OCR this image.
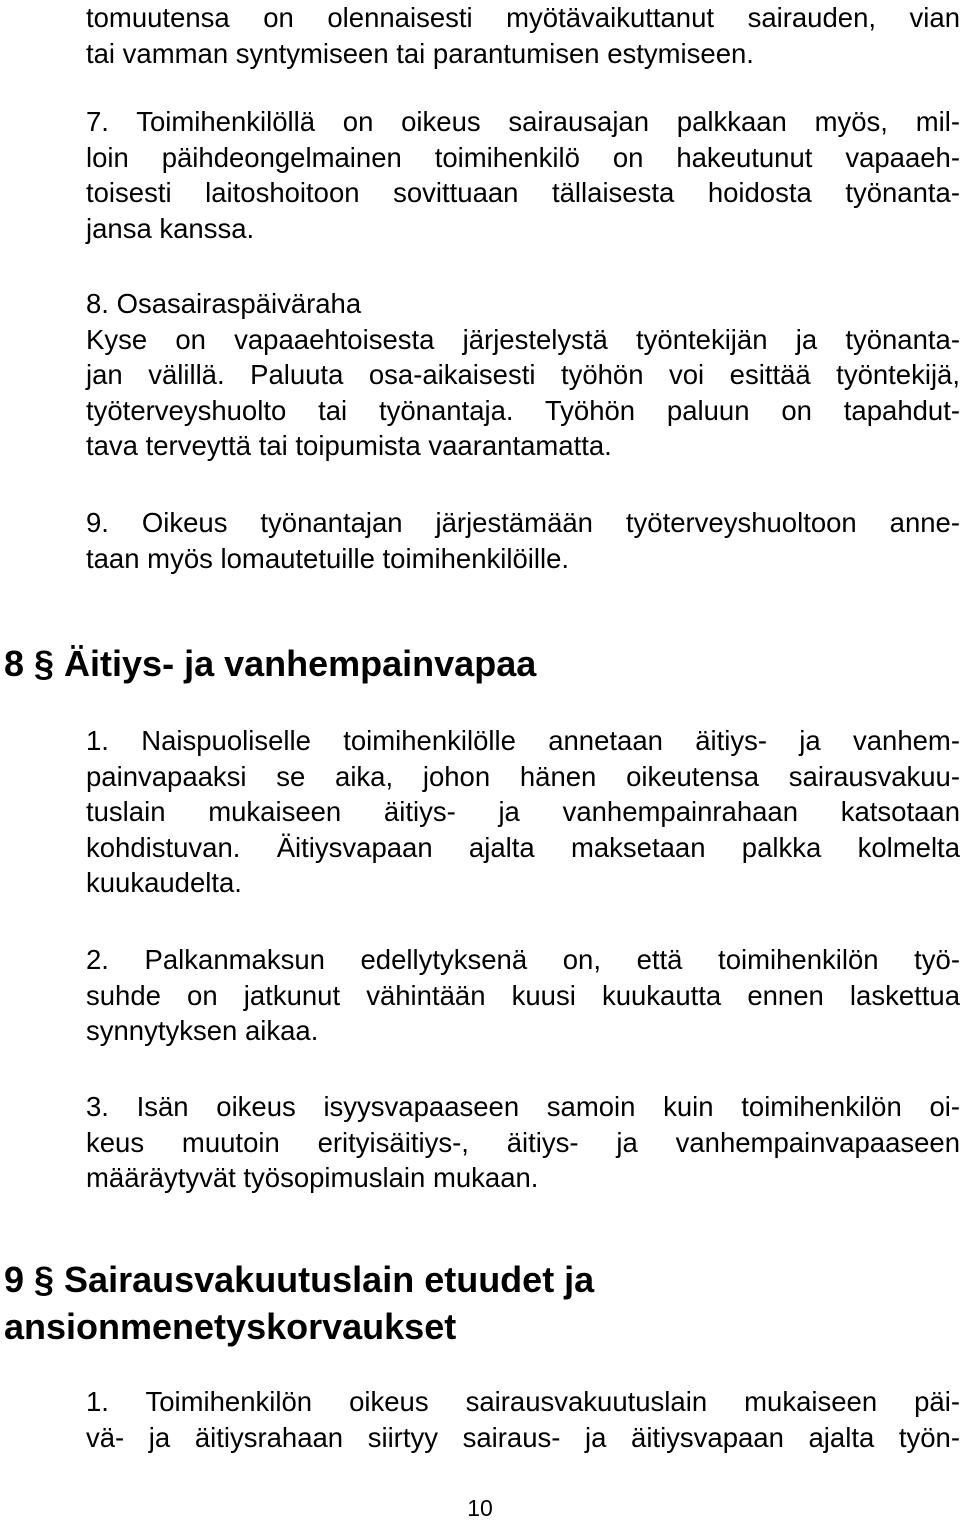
tomuutensa on olennaisesti myötävaikuttanut sairauden, vian
tai vamman syntymiseen tai parantumisen estymiseen.
7. Toimihenkilöllä on oikeus sairausajan palkkaan myös, mil-
loin päihdeongelmainen toimihenkilö on hakeutunut vapaaeh-
toisesti laitoshoitoon sovittuaan tällaisesta hoidosta työnanta-
jansa kanssa.
8. Osasairaspäiväraha
Kyse on vapaaehtoisesta järjestelystä työntekijän ja työnanta-
jan välillä. Paluuta osa-aikaisesti työhön voi esittää työntekijä,
työterveyshuolto tai työnantaja. Työhön paluun on tapahdut-
tava terveyttä tai toipumista vaarantamatta.
9. Oikeus työnantajan järjestämään työterveyshuoltoon anne-
taan myös lomautetuille toimihenkilöille.
8 § Äitiys- ja vanhempainvapaa
1. Naispuoliselle toimihenkilölle annetaan äitiys- ja vanhem-
painvapaaksi se aika, johon hänen oikeutensa sairausvakuu-
tuslain mukaiseen äitiys- ja vanhempainrahaan katsotaan
kohdistuvan. Äitiysvapaan ajalta maksetaan palkka kolmelta
kuukaudelta.
2. Palkanmaksun edellytyksenä on, että toimihenkilön työ-
suhde on jatkunut vähintään kuusi kuukautta ennen laskettua
synnytyksen aikaa.
3. Isän oikeus isyysvapaaseen samoin kuin toimihenkilön oi-
keus muutoin erityisäitiys-, äitiys- ja vanhempainvapaaseen
määräytyvät työsopimuslain mukaan.
9 § Sairausvakuutuslain etuudet ja
ansionmenetyskorvaukset
1. Toimihenkilön oikeus sairausvakuutuslain mukaiseen päi-
vä- ja äitiysrahaan siirtyy sairaus- ja äitiysvapaan ajalta työn-
10
